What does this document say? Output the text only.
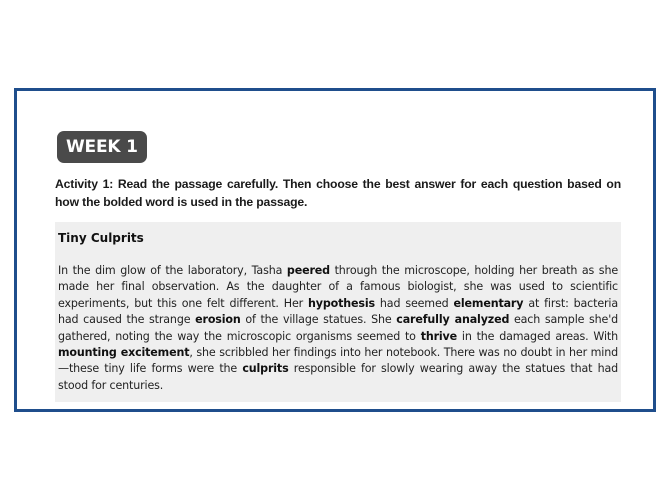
WEEK 1
Activity 1: Read the passage carefully. Then choose the best answer for each question based on how the bolded word is used in the passage.
Tiny Culprits
In the dim glow of the laboratory, Tasha peered through the microscope, holding her breath as she made her final observation. As the daughter of a famous biologist, she was used to scientific experiments, but this one felt different. Her hypothesis had seemed elementary at first: bacteria had caused the strange erosion of the village statues. She carefully analyzed each sample she'd gathered, noting the way the microscopic organisms seemed to thrive in the damaged areas. With mounting excitement, she scribbled her findings into her notebook. There was no doubt in her mind—these tiny life forms were the culprits responsible for slowly wearing away the statues that had stood for centuries.
